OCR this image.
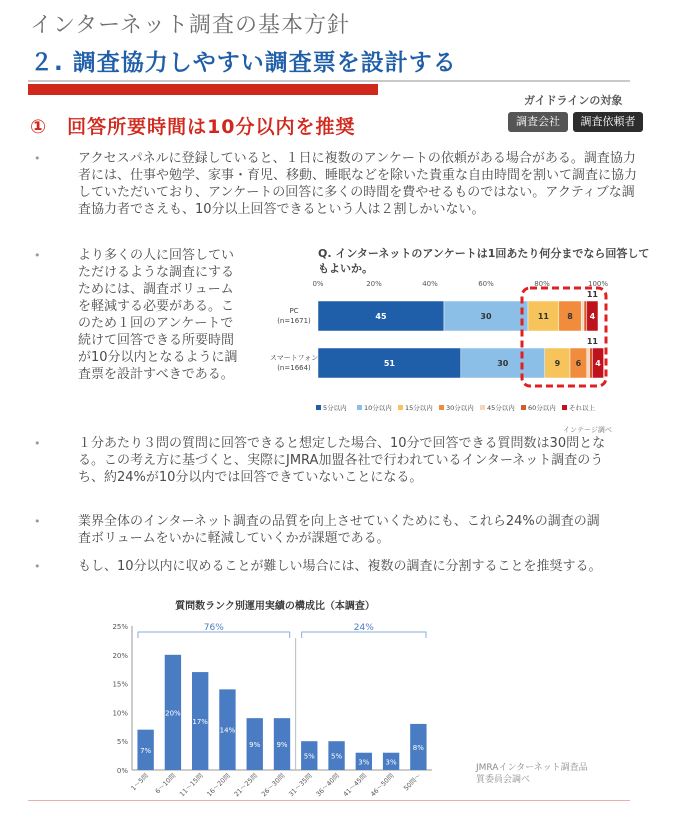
インターネット調査の基本方針
２. 調査協力しやすい調査票を設計する
ガイドラインの対象
調査会社	調査依頼者
①　回答所要時間は10分以内を推奨
•	アクセスパネルに登録していると、１日に複数のアンケートの依頼がある場合がある。調査協力者には、仕事や勉学、家事・育児、移動、睡眠などを除いた貴重な自由時間を割いて調査に協力していただいており、アンケートの回答に多くの時間を費やせるものではない。アクティブな調査協力者でさえも、10分以上回答できるという人は２割しかいない。
•	より多くの人に回答していただけるような調査にするためには、調査ボリュームを軽減する必要がある。このため１回のアンケートで続けて回答できる所要時間が10分以内となるように調査票を設計すべきである。
•	１分あたり３問の質問に回答できると想定した場合、10分で回答できる質問数は30問となる。この考え方に基づくと、実際にJMRA加盟各社で行われているインターネット調査のうち、約24%が10分以内では回答できていないことになる。
•	業界全体のインターネット調査の品質を向上させていくためにも、これら24%の調査の調査ボリュームをいかに軽減していくかが課題である。
•	もし、10分以内に収めることが難しい場合には、複数の調査に分割することを推奨する。
Q. インターネットのアンケートは1回あたり何分までなら回答してもよいか。
0%	20%	40%	60%	80%	100%
PC
(n=1671)	45	30	11 8 4
11
スマートフォン
(n=1664)	51	30	9 6 4
11
5分以内	10分以内 15分以内 30分以内 45分以内 60分以内 それ以上
インテージ調べ
質問数ランク別運用実績の構成比（本調査）
25%
20%
15%
10%
5%
0%
76%	24%
7%
1〜5問
20%
6〜10問
17%
11〜15問
14%
16〜20問
9%
21〜25問
9%
26〜30問
5%
31〜35問
5%
36〜40問
3%
41〜45問
3%
46〜50問
8%
50問〜
JMRAインターネット調査品質委員会調べ
